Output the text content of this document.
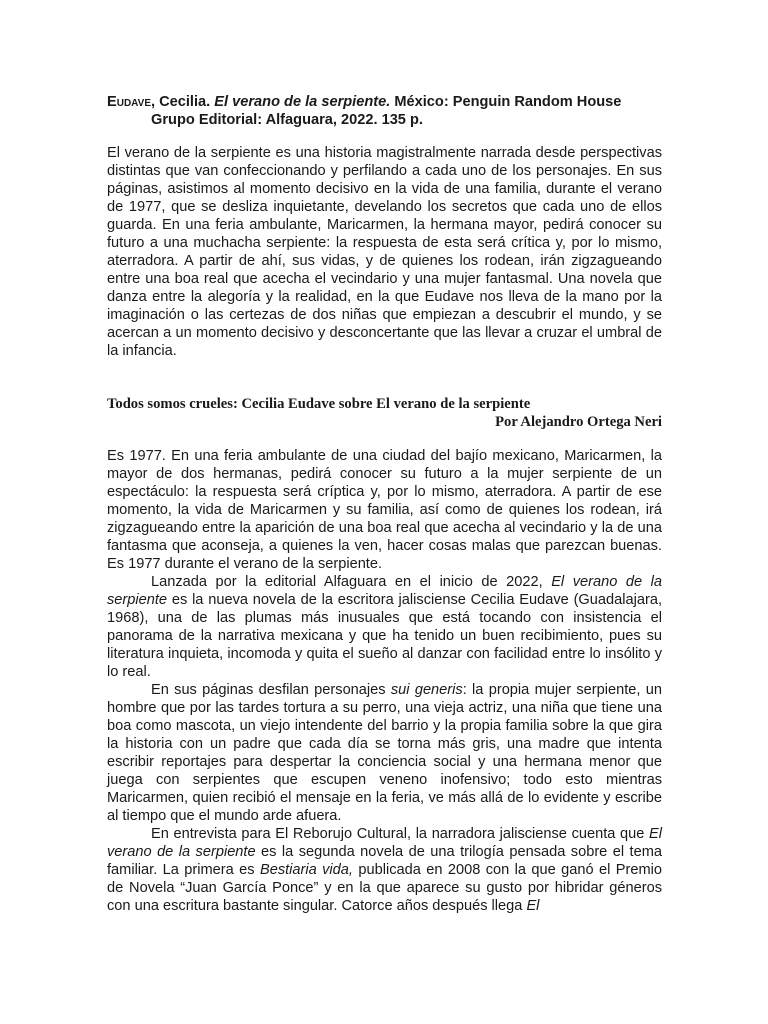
Eudave, Cecilia. El verano de la serpiente. México: Penguin Random House
Grupo Editorial: Alfaguara, 2022. 135 p.
El verano de la serpiente es una historia magistralmente narrada desde perspectivas distintas que van confeccionando y perfilando a cada uno de los personajes. En sus páginas, asistimos al momento decisivo en la vida de una familia, durante el verano de 1977, que se desliza inquietante, develando los secretos que cada uno de ellos guarda. En una feria ambulante, Maricarmen, la hermana mayor, pedirá conocer su futuro a una muchacha serpiente: la respuesta de esta será crítica y, por lo mismo, aterradora. A partir de ahí, sus vidas, y de quienes los rodean, irán zigzagueando entre una boa real que acecha el vecindario y una mujer fantasmal. Una novela que danza entre la alegoría y la realidad, en la que Eudave nos lleva de la mano por la imaginación o las certezas de dos niñas que empiezan a descubrir el mundo, y se acercan a un momento decisivo y desconcertante que las llevar a cruzar el umbral de la infancia.
Todos somos crueles: Cecilia Eudave sobre El verano de la serpiente
Por Alejandro Ortega Neri

Es 1977. En una feria ambulante de una ciudad del bajío mexicano, Maricarmen, la mayor de dos hermanas, pedirá conocer su futuro a la mujer serpiente de un espectáculo: la respuesta será críptica y, por lo mismo, aterradora. A partir de ese momento, la vida de Maricarmen y su familia, así como de quienes los rodean, irá zigzagueando entre la aparición de una boa real que acecha al vecindario y la de una fantasma que aconseja, a quienes la ven, hacer cosas malas que parezcan buenas. Es 1977 durante el verano de la serpiente.

Lanzada por la editorial Alfaguara en el inicio de 2022, El verano de la serpiente es la nueva novela de la escritora jalisciense Cecilia Eudave (Guadalajara, 1968), una de las plumas más inusuales que está tocando con insistencia el panorama de la narrativa mexicana y que ha tenido un buen recibimiento, pues su literatura inquieta, incomoda y quita el sueño al danzar con facilidad entre lo insólito y lo real.

En sus páginas desfilan personajes sui generis: la propia mujer serpiente, un hombre que por las tardes tortura a su perro, una vieja actriz, una niña que tiene una boa como mascota, un viejo intendente del barrio y la propia familia sobre la que gira la historia con un padre que cada día se torna más gris, una madre que intenta escribir reportajes para despertar la conciencia social y una hermana menor que juega con serpientes que escupen veneno inofensivo; todo esto mientras Maricarmen, quien recibió el mensaje en la feria, ve más allá de lo evidente y escribe al tiempo que el mundo arde afuera.

En entrevista para El Reborujo Cultural, la narradora jalisciense cuenta que El verano de la serpiente es la segunda novela de una trilogía pensada sobre el tema familiar. La primera es Bestiaria vida, publicada en 2008 con la que ganó el Premio de Novela “Juan García Ponce” y en la que aparece su gusto por hibridar géneros con una escritura bastante singular. Catorce años después llega El
